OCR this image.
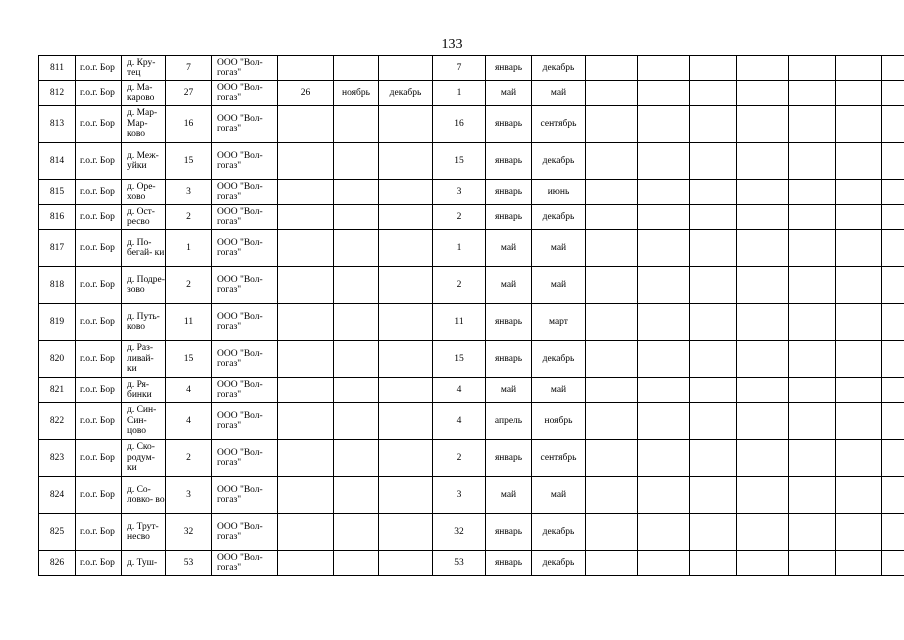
133
811	г.о.г. Бор	д. Кру- тец	7	ООО "Вол- гогаз"				7	январь	декабрь							
812	г.о.г. Бор	д. Ма- карово	27	ООО "Вол- гогаз"	26	ноябрь	декабрь	1	май	май							
813	г.о.г. Бор	д. Мар- Мар- ково	16	ООО "Вол- гогаз"				16	январь	сентябрь							
814	г.о.г. Бор	д. Меж- уйки	15	ООО "Вол- гогаз"				15	январь	декабрь							
815	г.о.г. Бор	д. Оре- хово	3	ООО "Вол- гогаз"				3	январь	июнь							
816	г.о.г. Бор	д. Ост- ресво	2	ООО "Вол- гогаз"				2	январь	декабрь							
817	г.о.г. Бор	д. По- бегай- ки	1	ООО "Вол- гогаз"				1	май	май							
818	г.о.г. Бор	д. Подре- зово	2	ООО "Вол- гогаз"				2	май	май							
819	г.о.г. Бор	д. Путь- ково	11	ООО "Вол- гогаз"				11	январь	март							
820	г.о.г. Бор	д. Раз- ливай- ки	15	ООО "Вол- гогаз"				15	январь	декабрь							
821	г.о.г. Бор	д. Ря- бинки	4	ООО "Вол- гогаз"				4	май	май							
822	г.о.г. Бор	д. Син- Син- цово	4	ООО "Вол- гогаз"				4	апрель	ноябрь							
823	г.о.г. Бор	д. Ско- родум- ки	2	ООО "Вол- гогаз"				2	январь	сентябрь							
824	г.о.г. Бор	д. Со- ловко- во	3	ООО "Вол- гогаз"				3	май	май							
825	г.о.г. Бор	д. Трут- несво	32	ООО "Вол- гогаз"				32	январь	декабрь							
826	г.о.г. Бор	д. Туш-	53	ООО "Вол- гогаз"				53	январь	декабрь							
